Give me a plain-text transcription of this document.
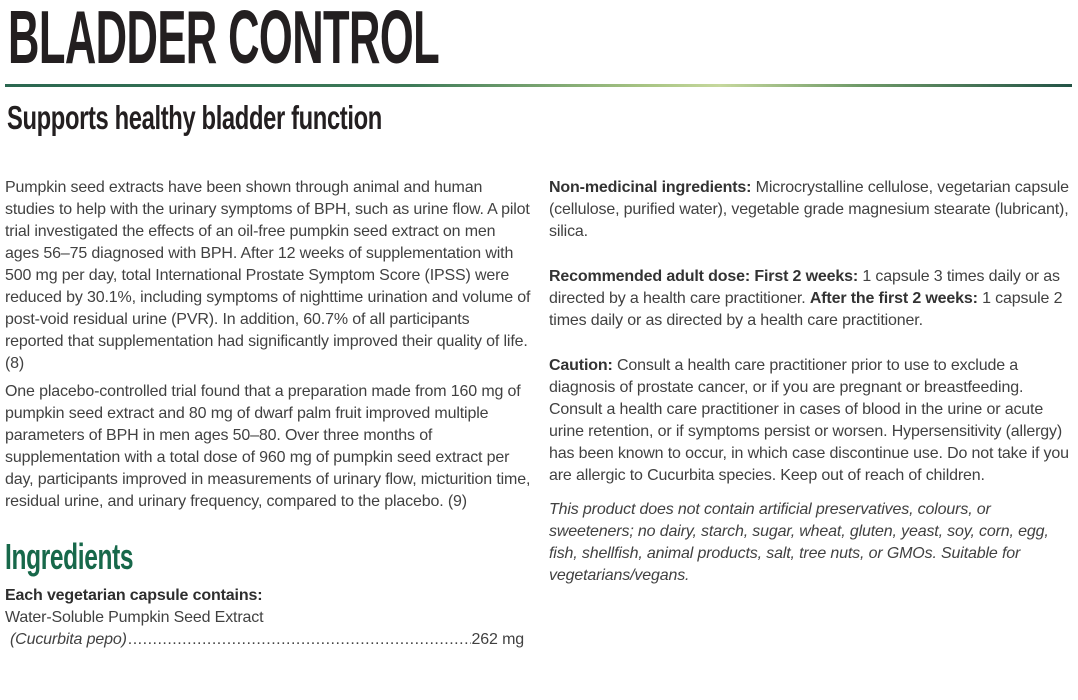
BLADDER CONTROL
Supports healthy bladder function

Pumpkin seed extracts have been shown through animal and human studies to help with the urinary symptoms of BPH, such as urine flow. A pilot trial investigated the effects of an oil-free pumpkin seed extract on men ages 56–75 diagnosed with BPH. After 12 weeks of supplementation with 500 mg per day, total International Prostate Symptom Score (IPSS) were reduced by 30.1%, including symptoms of nighttime urination and volume of post-void residual urine (PVR). In addition, 60.7% of all participants reported that supplementation had significantly improved their quality of life. (8)

One placebo-controlled trial found that a preparation made from 160 mg of pumpkin seed extract and 80 mg of dwarf palm fruit improved multiple parameters of BPH in men ages 50–80. Over three months of supplementation with a total dose of 960 mg of pumpkin seed extract per day, participants improved in measurements of urinary flow, micturition time, residual urine, and urinary frequency, compared to the placebo. (9)

Ingredients
Each vegetarian capsule contains:
Water-Soluble Pumpkin Seed Extract
(Cucurbita pepo) .....	262 mg

Non-medicinal ingredients: Microcrystalline cellulose, vegetarian capsule (cellulose, purified water), vegetable grade magnesium stearate (lubricant), silica.

Recommended adult dose: First 2 weeks: 1 capsule 3 times daily or as directed by a health care practitioner. After the first 2 weeks: 1 capsule 2 times daily or as directed by a health care practitioner.

Caution: Consult a health care practitioner prior to use to exclude a diagnosis of prostate cancer, or if you are pregnant or breastfeeding. Consult a health care practitioner in cases of blood in the urine or acute urine retention, or if symptoms persist or worsen. Hypersensitivity (allergy) has been known to occur, in which case discontinue use. Do not take if you are allergic to Cucurbita species. Keep out of reach of children.

This product does not contain artificial preservatives, colours, or sweeteners; no dairy, starch, sugar, wheat, gluten, yeast, soy, corn, egg, fish, shellfish, animal products, salt, tree nuts, or GMOs. Suitable for vegetarians/vegans.
